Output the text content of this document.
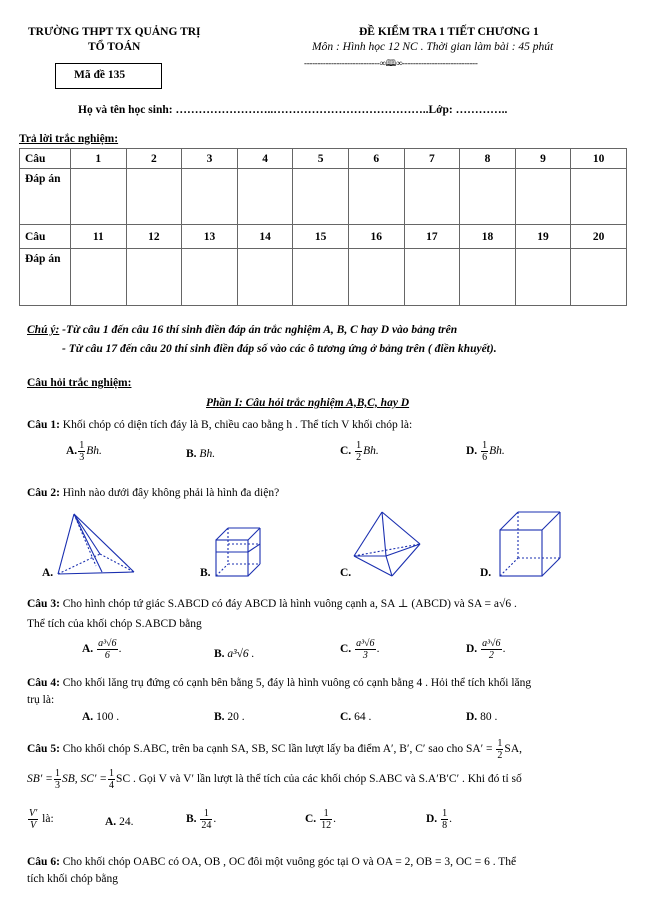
TRƯỜNG THPT TX QUẢNG TRỊ
TỔ TOÁN
Mã đề 135
ĐỀ KIỂM TRA 1 TIẾT CHƯƠNG 1
Môn : Hình học 12 NC . Thời gian làm bài : 45 phút
----------------------------∞🕮∞----------------------------
Họ và tên học sinh: ……………………..…………………………………..Lớp: …………..
Trả lời trắc nghiệm:
Câu	1	2	3	4	5	6	7	8	9	10
Đáp án										
Câu	11	12	13	14	15	16	17	18	19	20
Đáp án										
Chú ý: -Từ câu 1 đến câu 16 thí sinh điền đáp án trắc nghiệm A, B, C hay D vào bảng trên
- Từ câu 17 đến câu 20 thí sinh điền đáp số vào các ô tương ứng ở bảng trên ( điền khuyết).
Câu hỏi trắc nghiệm:
Phần I: Câu hỏi trắc nghiệm A,B,C, hay D
Câu 1: Khối chóp có diện tích đáy là B, chiều cao bằng h . Thể tích V khối chóp là:
A. $\frac{1}{3} Bh$.	B. Bh.	C. $\frac{1}{2} Bh$.	D. $\frac{1}{6} Bh$.
Câu 2: Hình nào dưới đây không phải là hình đa diện?
A.	B.	C.	D.
Câu 3: Cho hình chóp tứ giác S.ABCD có đáy ABCD là hình vuông cạnh a, SA ⊥ (ABCD) và SA = a√6 .
Thể tích của khối chóp S.ABCD bằng
A. $\frac{\text{a³√6}}{6}$ .	B. a³√6 .	C. $\frac{\text{a³√6}}{3}$ .	D. $\frac{\text{a³√6}}{2}$ .
Câu 4: Cho khối lăng trụ đứng có cạnh bên bằng 5, đáy là hình vuông có cạnh bằng 4 . Hỏi thể tích khối lăng
trụ là:
A. 100 .	B. 20 .	C. 64 .	D. 80 .
Câu 5: Cho khối chóp S.ABC, trên ba cạnh SA, SB, SC lần lượt lấy ba điểm A′, B′, C′ sao cho $SA' = \frac{1}{2}$ SA,
$SB' = \frac{1}{3}$ SB, $SC' = \frac{1}{4}$ SC . Gọi V và V′ lần lượt là thể tích của các khối chóp S.ABC và S.A′B′C′ . Khi đó tỉ số
$\frac{V'}{V}$ là:	A. 24.	B. $\frac{1}{24}$ .	C. $\frac{1}{12}$ .	D. $\frac{1}{8}$ .
Câu 6: Cho khối chóp OABC có OA, OB , OC đôi một vuông góc tại O và OA = 2, OB = 3, OC = 6 . Thể
tích khối chóp bằng
